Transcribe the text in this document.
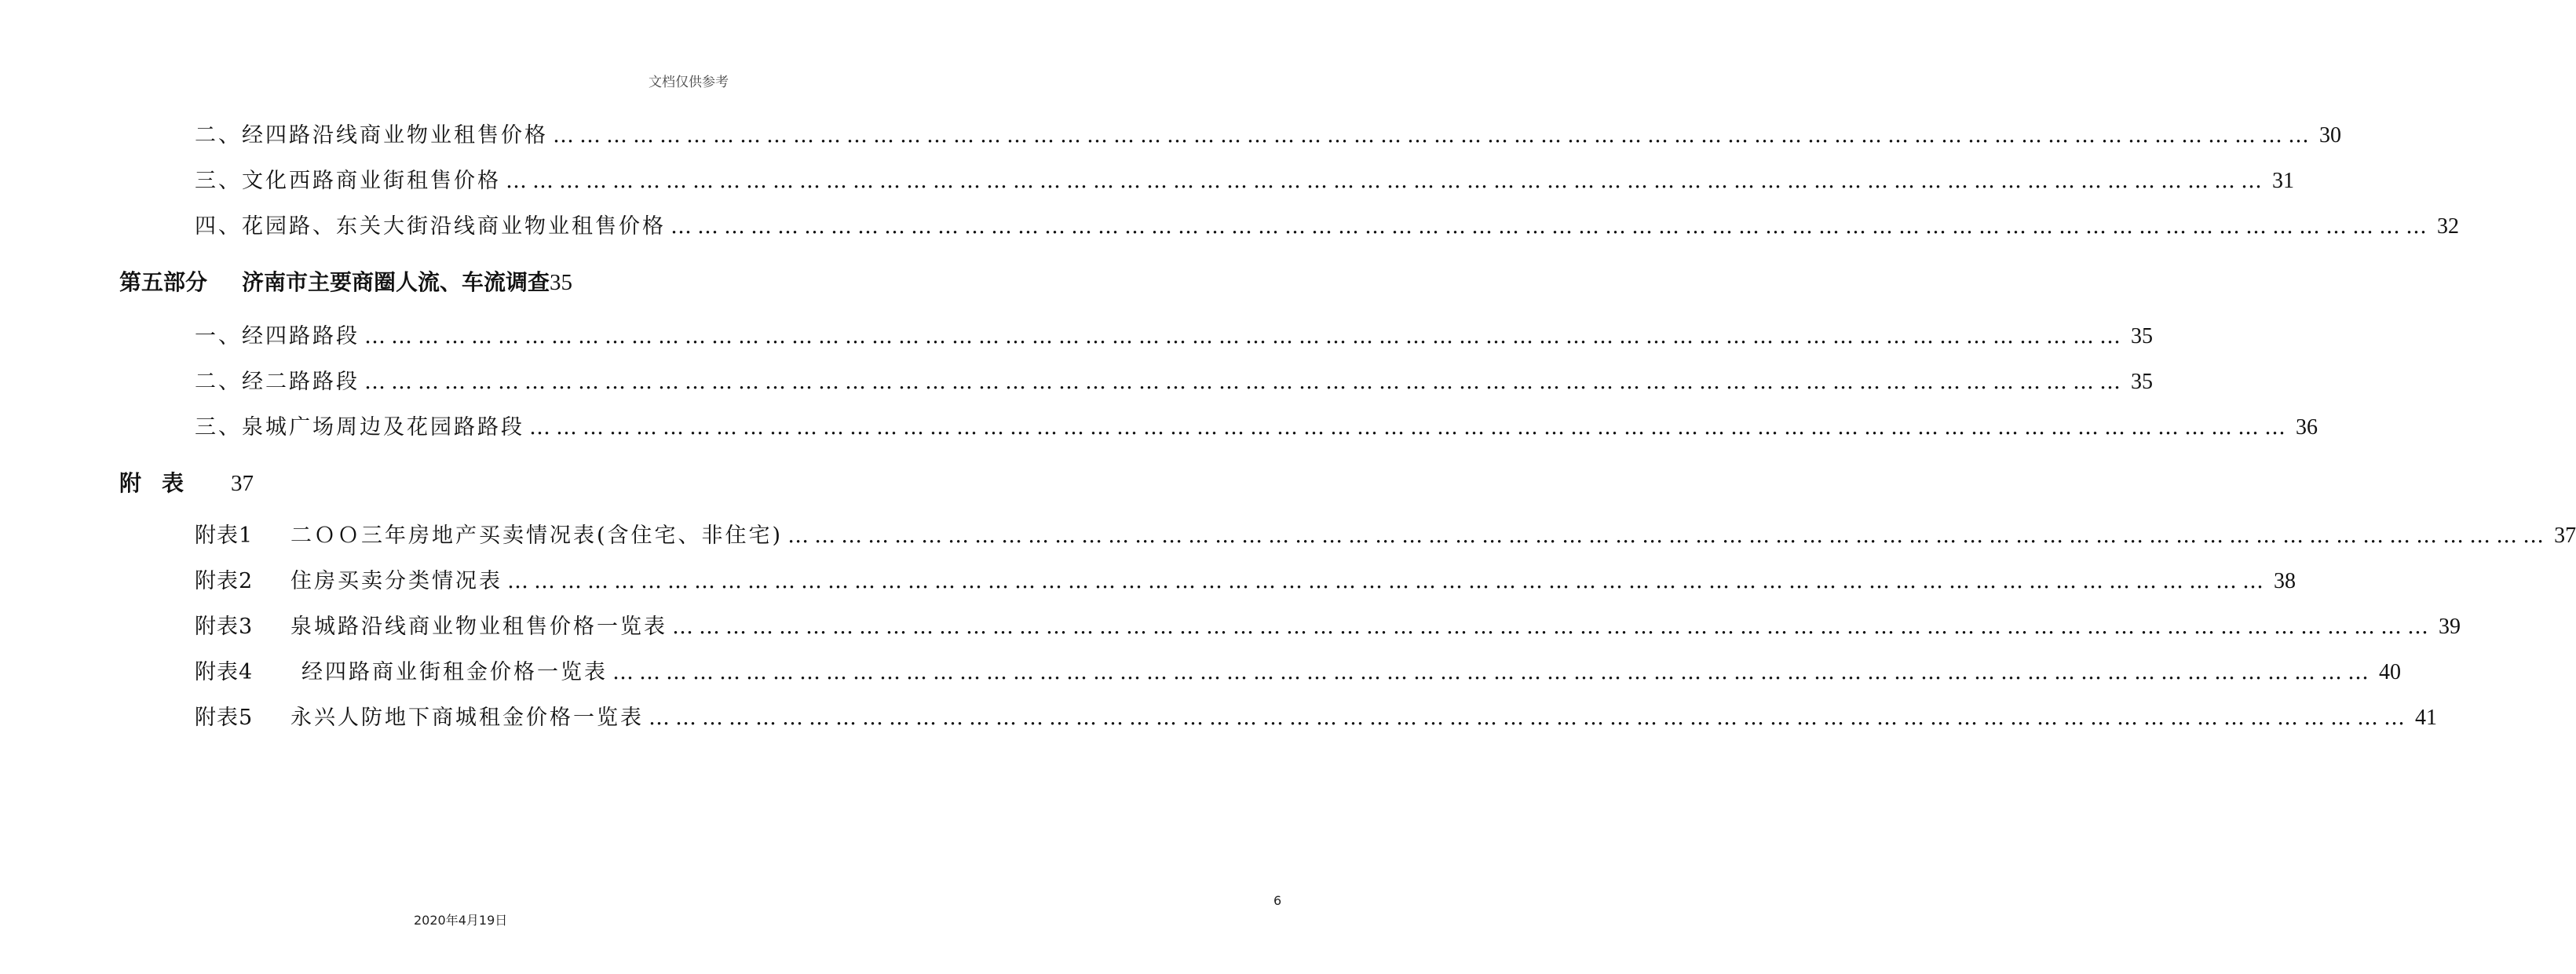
文档仅供参考
二、经四路沿线商业物业租售价格 ……………………………………………………………………………………………………………………………………………………………………………… 30
三、文化西路商业街租售价格 ……………………………………………………………………………………………………………………………………………………………………………… 31
四、花园路、东关大街沿线商业物业租售价格 ……………………………………………………………………………………………………………………………………………………………………………… 32
第五部分 济南市主要商圈人流、车流调查35
一、经四路路段 ……………………………………………………………………………………………………………………………………………………………………………… 35
二、经二路路段 ……………………………………………………………………………………………………………………………………………………………………………… 35
三、泉城广场周边及花园路路段 ……………………………………………………………………………………………………………………………………………………………………………… 36
附表 37
附表1 二ＯＯ三年房地产买卖情况表(含住宅、非住宅) ……………………………………………………………………………………………………………………………………………………………………………… 37
附表2 住房买卖分类情况表 ……………………………………………………………………………………………………………………………………………………………………………… 38
附表3 泉城路沿线商业物业租售价格一览表 ……………………………………………………………………………………………………………………………………………………………………………… 39
附表4 经四路商业街租金价格一览表 ……………………………………………………………………………………………………………………………………………………………………………… 40
附表5 永兴人防地下商城租金价格一览表 ……………………………………………………………………………………………………………………………………………………………………………… 41
6
2020年4月19日
